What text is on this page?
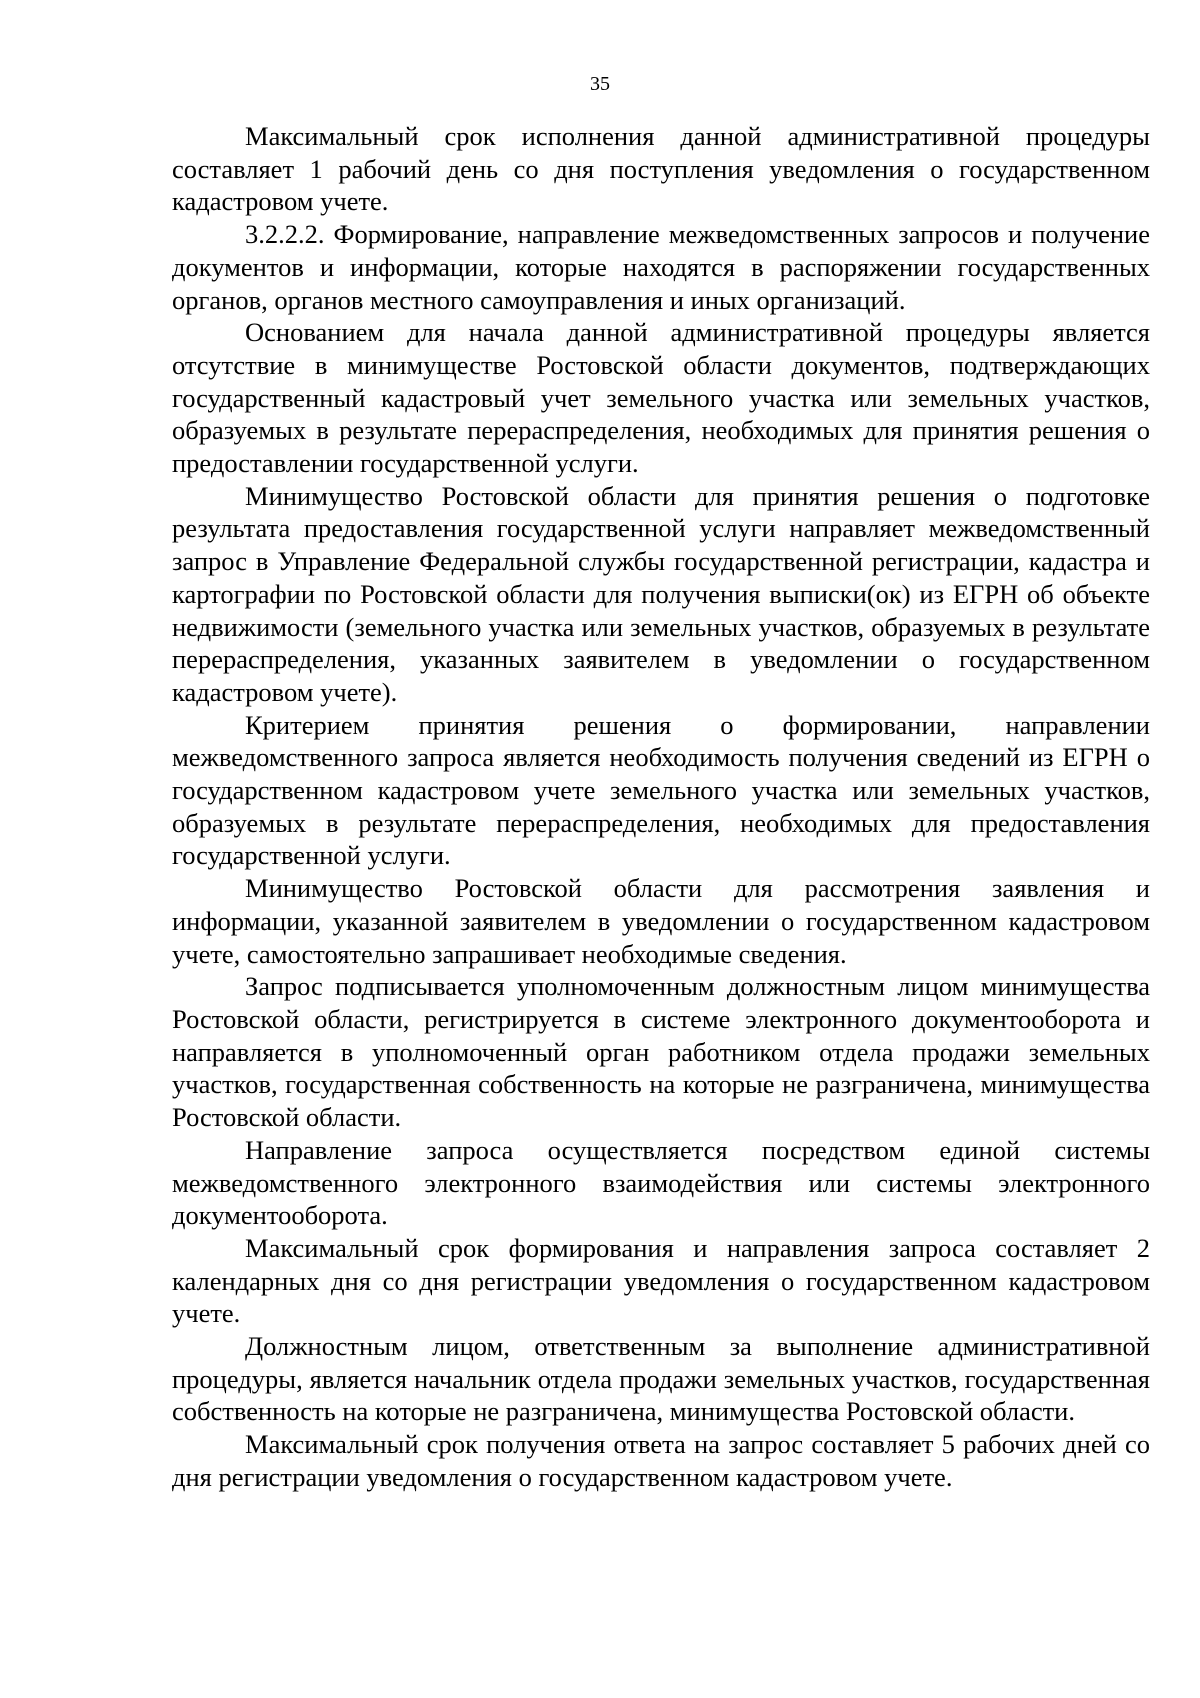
35

Максимальный срок исполнения данной административной процедуры составляет 1 рабочий день со дня поступления уведомления о государственном кадастровом учете.

3.2.2.2. Формирование, направление межведомственных запросов и получение документов и информации, которые находятся в распоряжении государственных органов, органов местного самоуправления и иных организаций.

Основанием для начала данной административной процедуры является отсутствие в минимуществе Ростовской области документов, подтверждающих государственный кадастровый учет земельного участка или земельных участков, образуемых в результате перераспределения, необходимых для принятия решения о предоставлении государственной услуги.

Минимущество Ростовской области для принятия решения о подготовке результата предоставления государственной услуги направляет межведомственный запрос в Управление Федеральной службы государственной регистрации, кадастра и картографии по Ростовской области для получения выписки(ок) из ЕГРН об объекте недвижимости (земельного участка или земельных участков, образуемых в результате перераспределения, указанных заявителем в уведомлении о государственном кадастровом учете).

Критерием принятия решения о формировании, направлении межведомственного запроса является необходимость получения сведений из ЕГРН о государственном кадастровом учете земельного участка или земельных участков, образуемых в результате перераспределения, необходимых для предоставления государственной услуги.

Минимущество Ростовской области для рассмотрения заявления и информации, указанной заявителем в уведомлении о государственном кадастровом учете, самостоятельно запрашивает необходимые сведения.

Запрос подписывается уполномоченным должностным лицом минимущества Ростовской области, регистрируется в системе электронного документооборота и направляется в уполномоченный орган работником отдела продажи земельных участков, государственная собственность на которые не разграничена, минимущества Ростовской области.

Направление запроса осуществляется посредством единой системы межведомственного электронного взаимодействия или системы электронного документооборота.

Максимальный срок формирования и направления запроса составляет 2 календарных дня со дня регистрации уведомления о государственном кадастровом учете.

Должностным лицом, ответственным за выполнение административной процедуры, является начальник отдела продажи земельных участков, государственная собственность на которые не разграничена, минимущества Ростовской области.

Максимальный срок получения ответа на запрос составляет 5 рабочих дней со дня регистрации уведомления о государственном кадастровом учете.
